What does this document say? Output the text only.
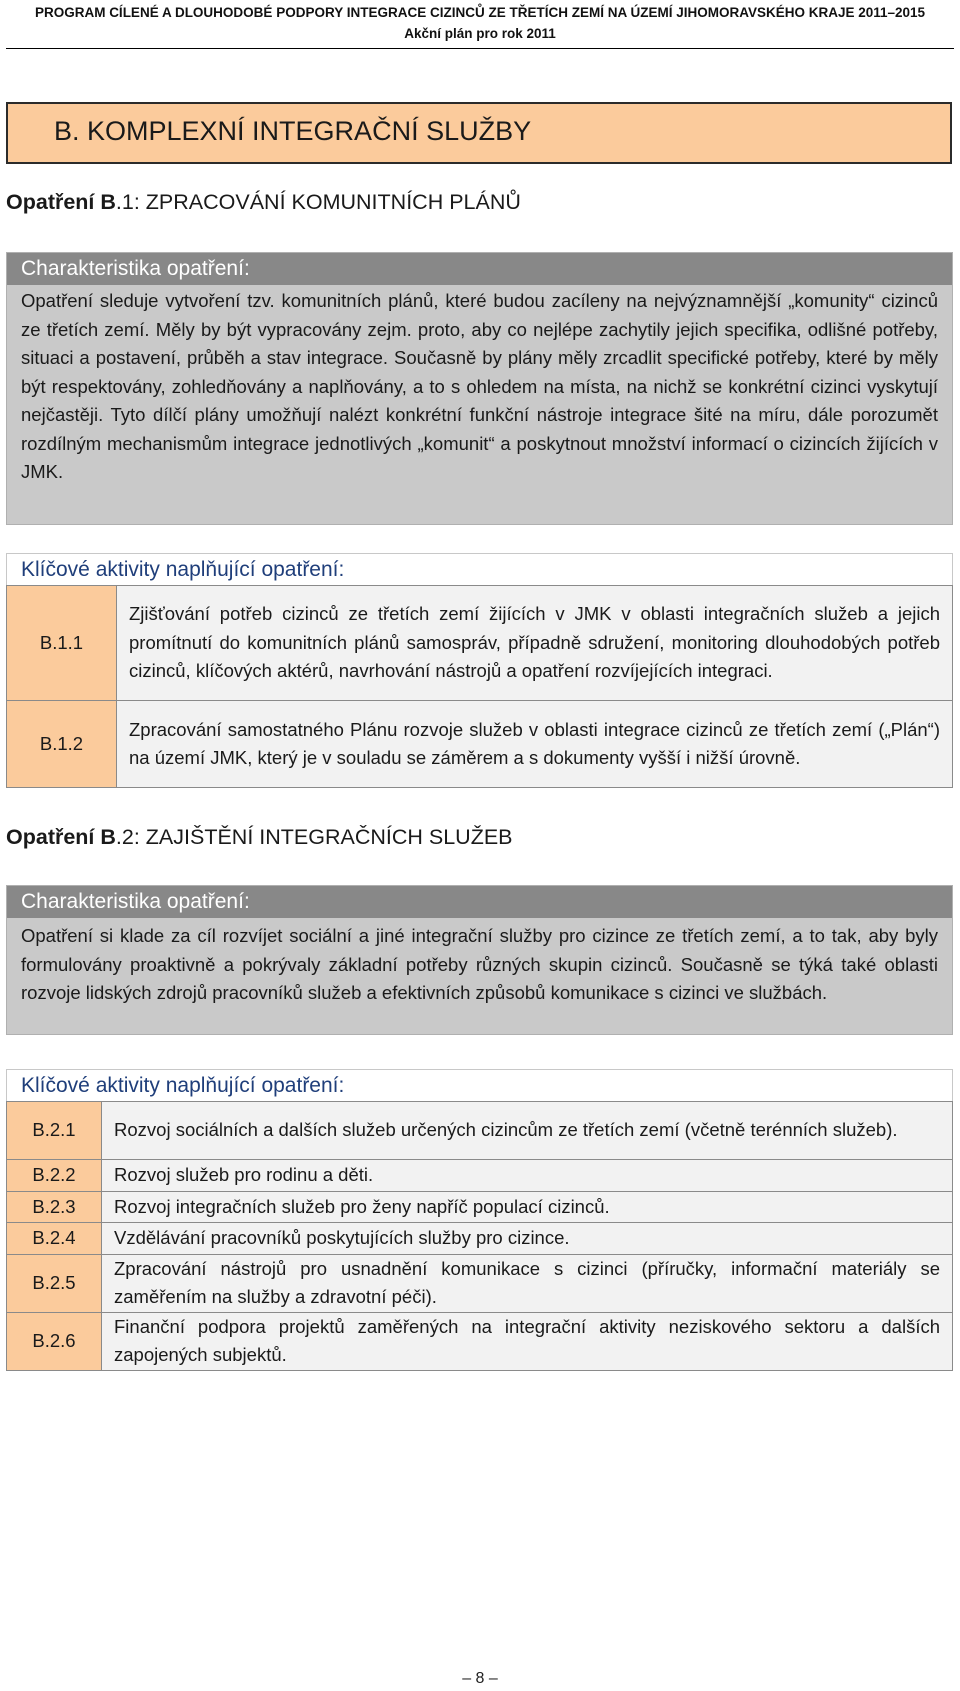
PROGRAM CÍLENÉ A DLOUHODOBÉ PODPORY INTEGRACE CIZINCŮ ZE TŘETÍCH ZEMÍ NA ÚZEMÍ JIHOMORAVSKÉHO KRAJE 2011–2015
Akční plán pro rok 2011
B. KOMPLEXNÍ INTEGRAČNÍ SLUŽBY
Opatření B.1: ZPRACOVÁNÍ KOMUNITNÍCH PLÁNŮ
Charakteristika opatření:
Opatření sleduje vytvoření tzv. komunitních plánů, které budou zacíleny na nejvýznamnější „komunity“ cizinců ze třetích zemí. Měly by být vypracovány zejm. proto, aby co nejlépe zachytily jejich specifika, odlišné potřeby, situaci a postavení, průběh a stav integrace. Současně by plány měly zrcadlit specifické potřeby, které by měly být respektovány, zohledňovány a naplňovány, a to s ohledem na místa, na nichž se konkrétní cizinci vyskytují nejčastěji. Tyto dílčí plány umožňují nalézt konkrétní funkční nástroje integrace šité na míru, dále porozumět rozdílným mechanismům integrace jednotlivých „komunit“ a poskytnout množství informací o cizincích žijících v JMK.
Klíčové aktivity naplňující opatření:
B.1.1	Zjišťování potřeb cizinců ze třetích zemí žijících v JMK v oblasti integračních služeb a jejich promítnutí do komunitních plánů samospráv, případně sdružení, monitoring dlouhodobých potřeb cizinců, klíčových aktérů, navrhování nástrojů a opatření rozvíjejících integraci.
B.1.2	Zpracování samostatného Plánu rozvoje služeb v oblasti integrace cizinců ze třetích zemí („Plán“) na území JMK, který je v souladu se záměrem a s dokumenty vyšší i nižší úrovně.
Opatření B.2: ZAJIŠTĚNÍ INTEGRAČNÍCH SLUŽEB
Charakteristika opatření:
Opatření si klade za cíl rozvíjet sociální a jiné integrační služby pro cizince ze třetích zemí, a to tak, aby byly formulovány proaktivně a pokrývaly základní potřeby různých skupin cizinců. Současně se týká také oblasti rozvoje lidských zdrojů pracovníků služeb a efektivních způsobů komunikace s cizinci ve službách.
Klíčové aktivity naplňující opatření:
B.2.1	Rozvoj sociálních a dalších služeb určených cizincům ze třetích zemí (včetně terénních služeb).
B.2.2	Rozvoj služeb pro rodinu a děti.
B.2.3	Rozvoj integračních služeb pro ženy napříč populací cizinců.
B.2.4	Vzdělávání pracovníků poskytujících služby pro cizince.
B.2.5	Zpracování nástrojů pro usnadnění komunikace s cizinci (příručky, informační materiály se zaměřením na služby a zdravotní péči).
B.2.6	Finanční podpora projektů zaměřených na integrační aktivity neziskového sektoru a dalších zapojených subjektů.
– 8 –
